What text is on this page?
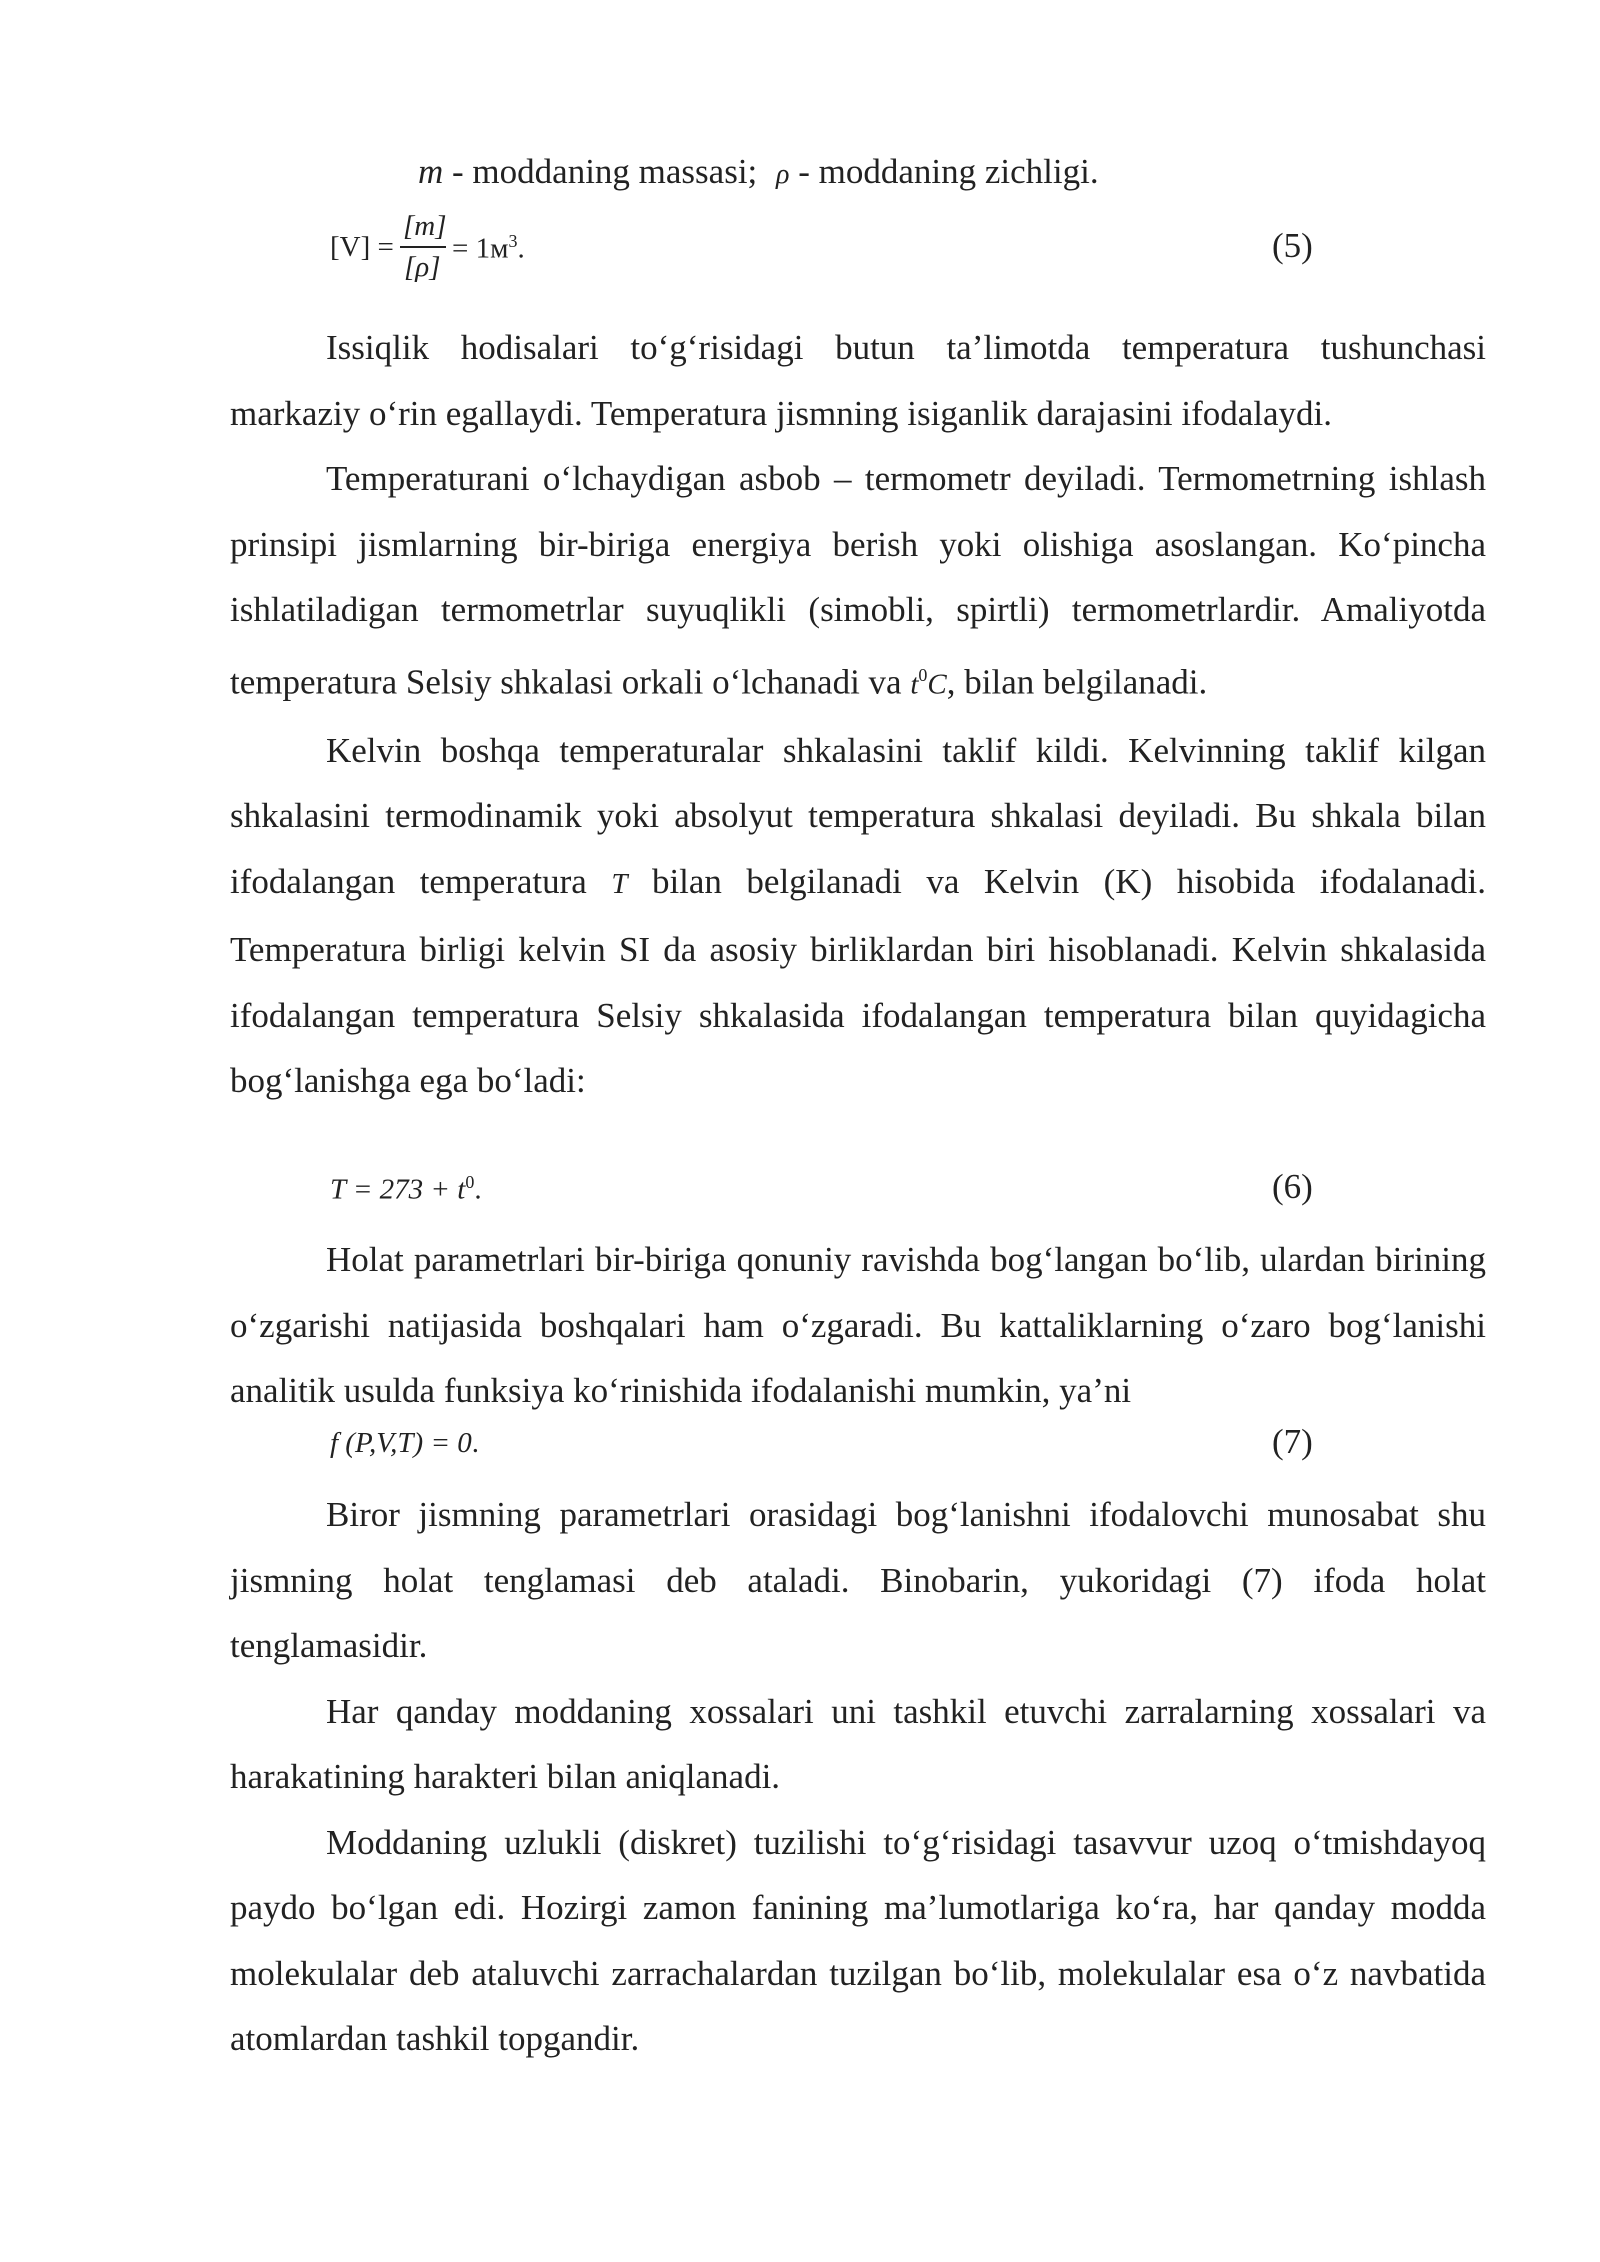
m - moddaning massasi; ρ - moddaning zichligi.
[V] =
[m]
[ρ]
= $1м^3$.	(5)

Issiqlik hodisalari to‘g‘risidagi butun ta’limotda temperatura tushunchasi markaziy o‘rin egallaydi. Temperatura jismning isiganlik darajasini ifodalaydi.

Temperaturani o‘lchaydigan asbob – termometr deyiladi. Termometrning ishlash prinsipi jismlarning bir-biriga energiya berish yoki olishiga asoslangan. Ko‘pincha ishlatiladigan termometrlar suyuqlikli (simobli, spirtli) termometrlardir. Amaliyotda temperatura Selsiy shkalasi orkali o‘lchanadi va $t^0C$, bilan belgilanadi.

Kelvin boshqa temperaturalar shkalasini taklif kildi. Kelvinning taklif kilgan shkalasini termodinamik yoki absolyut temperatura shkalasi deyiladi. Bu shkala bilan ifodalangan temperatura T bilan belgilanadi va Kelvin (K) hisobida ifodalanadi. Temperatura birligi kelvin SI da asosiy birliklardan biri hisoblanadi. Kelvin shkalasida ifodalangan temperatura Selsiy shkalasida ifodalangan temperatura bilan quyidagicha bog‘lanishga ega bo‘ladi:

$T = 273 + t^0$.	(6)

Holat parametrlari bir-biriga qonuniy ravishda bog‘langan bo‘lib, ulardan birining o‘zgarishi natijasida boshqalari ham o‘zgaradi. Bu kattaliklarning o‘zaro bog‘lanishi analitik usulda funksiya ko‘rinishida ifodalanishi mumkin, ya’ni

f (P,V,T) = 0.	(7)

Biror jismning parametrlari orasidagi bog‘lanishni ifodalovchi munosabat shu jismning holat tenglamasi deb ataladi. Binobarin, yukoridagi (7) ifoda holat tenglamasidir.

Har qanday moddaning xossalari uni tashkil etuvchi zarralarning xossalari va harakatining harakteri bilan aniqlanadi.

Moddaning uzlukli (diskret) tuzilishi to‘g‘risidagi tasavvur uzoq o‘tmishdayoq paydo bo‘lgan edi. Hozirgi zamon fanining ma’lumotlariga ko‘ra, har qanday modda molekulalar deb ataluvchi zarrachalardan tuzilgan bo‘lib, molekulalar esa o‘z navbatida atomlardan tashkil topgandir.
